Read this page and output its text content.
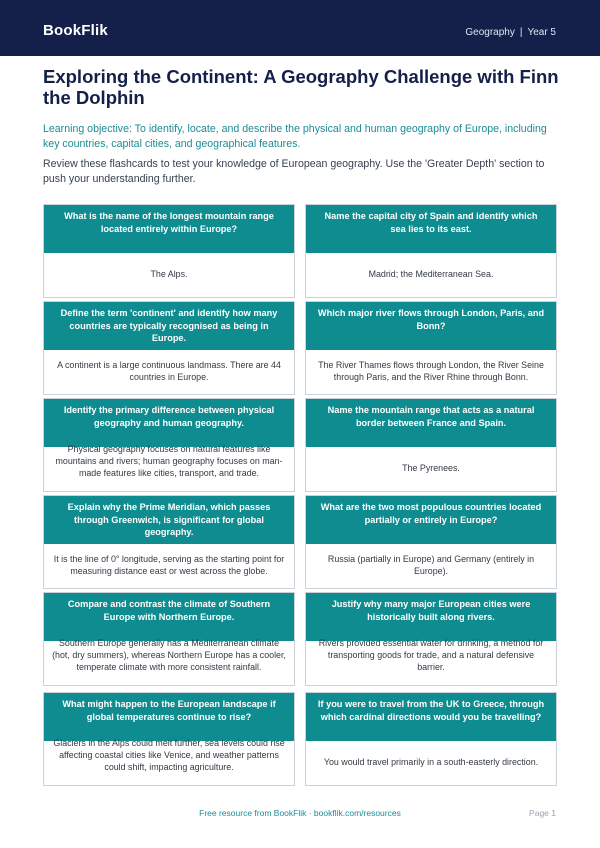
BookFlik	Geography | Year 5
Exploring the Continent: A Geography Challenge with Finn the Dolphin

Learning objective: To identify, locate, and describe the physical and human geography of Europe, including key countries, capital cities, and geographical features.

Review these flashcards to test your knowledge of European geography. Use the 'Greater Depth' section to push your understanding further.

What is the name of the longest mountain range located entirely within Europe?
The Alps.
Name the capital city of Spain and identify which sea lies to its east.
Madrid; the Mediterranean Sea.
Define the term 'continent' and identify how many countries are typically recognised as being in Europe.
A continent is a large continuous landmass. There are 44 countries in Europe.
Which major river flows through London, Paris, and Bonn?
The River Thames flows through London, the River Seine through Paris, and the River Rhine through Bonn.
Identify the primary difference between physical geography and human geography.
Physical geography focuses on natural features like mountains and rivers; human geography focuses on man-made features like cities, transport, and trade.
Name the mountain range that acts as a natural border between France and Spain.
The Pyrenees.
Explain why the Prime Meridian, which passes through Greenwich, is significant for global geography.
It is the line of 0° longitude, serving as the starting point for measuring distance east or west across the globe.
What are the two most populous countries located partially or entirely in Europe?
Russia (partially in Europe) and Germany (entirely in Europe).
Compare and contrast the climate of Southern Europe with Northern Europe.
Southern Europe generally has a Mediterranean climate (hot, dry summers), whereas Northern Europe has a cooler, temperate climate with more consistent rainfall.
Justify why many major European cities were historically built along rivers.
Rivers provided essential water for drinking, a method for transporting goods for trade, and a natural defensive barrier.
What might happen to the European landscape if global temperatures continue to rise?
Glaciers in the Alps could melt further, sea levels could rise affecting coastal cities like Venice, and weather patterns could shift, impacting agriculture.
If you were to travel from the UK to Greece, through which cardinal directions would you be travelling?
You would travel primarily in a south-easterly direction.
Free resource from BookFlik · bookflik.com/resources	Page 1
